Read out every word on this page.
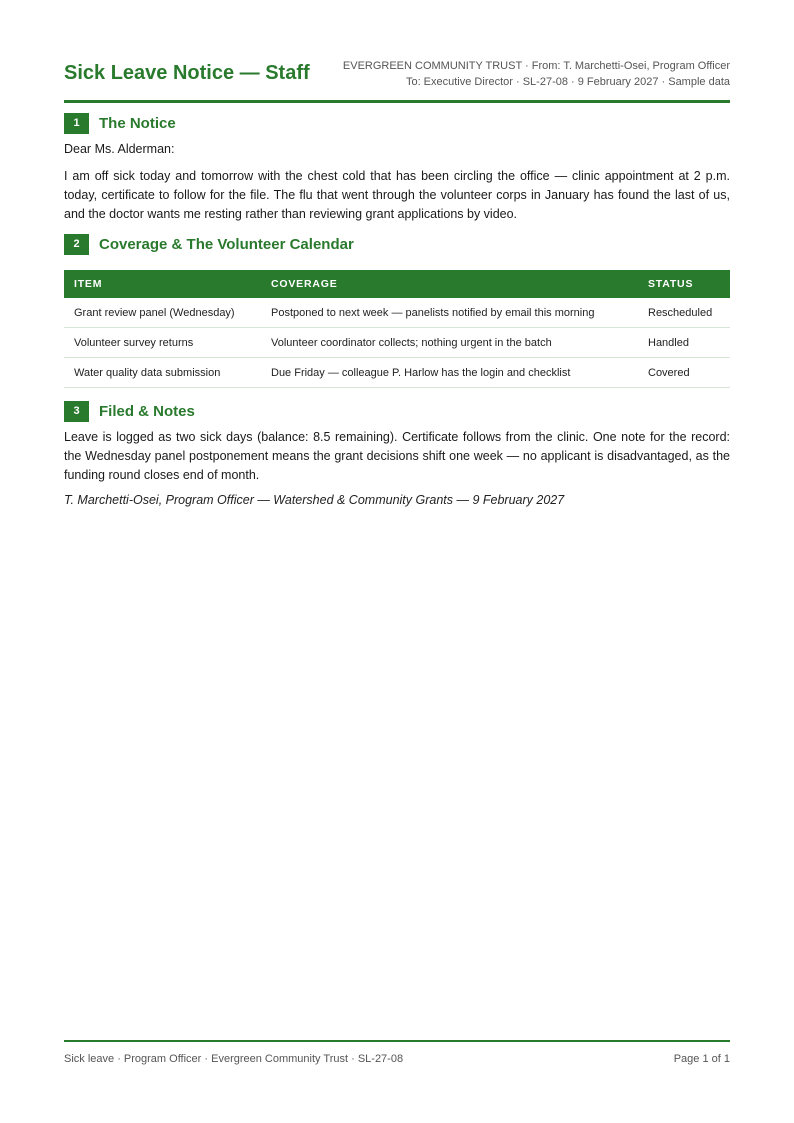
Sick Leave Notice — Staff	EVERGREEN COMMUNITY TRUST · From: T. Marchetti-Osei, Program Officer
To: Executive Director · SL-27-08 · 9 February 2027 · Sample data
1	The Notice
Dear Ms. Alderman:
I am off sick today and tomorrow with the chest cold that has been circling the office — clinic appointment at 2 p.m. today, certificate to follow for the file. The flu that went through the volunteer corps in January has found the last of us, and the doctor wants me resting rather than reviewing grant applications by video.
2	Coverage & The Volunteer Calendar
ITEM	COVERAGE	STATUS
Grant review panel (Wednesday)	Postponed to next week — panelists notified by email this morning	Rescheduled
Volunteer survey returns	Volunteer coordinator collects; nothing urgent in the batch	Handled
Water quality data submission	Due Friday — colleague P. Harlow has the login and checklist	Covered
3	Filed & Notes
Leave is logged as two sick days (balance: 8.5 remaining). Certificate follows from the clinic. One note for the record: the Wednesday panel postponement means the grant decisions shift one week — no applicant is disadvantaged, as the funding round closes end of month.
T. Marchetti-Osei, Program Officer — Watershed & Community Grants — 9 February 2027
Sick leave · Program Officer · Evergreen Community Trust · SL-27-08	Page 1 of 1
